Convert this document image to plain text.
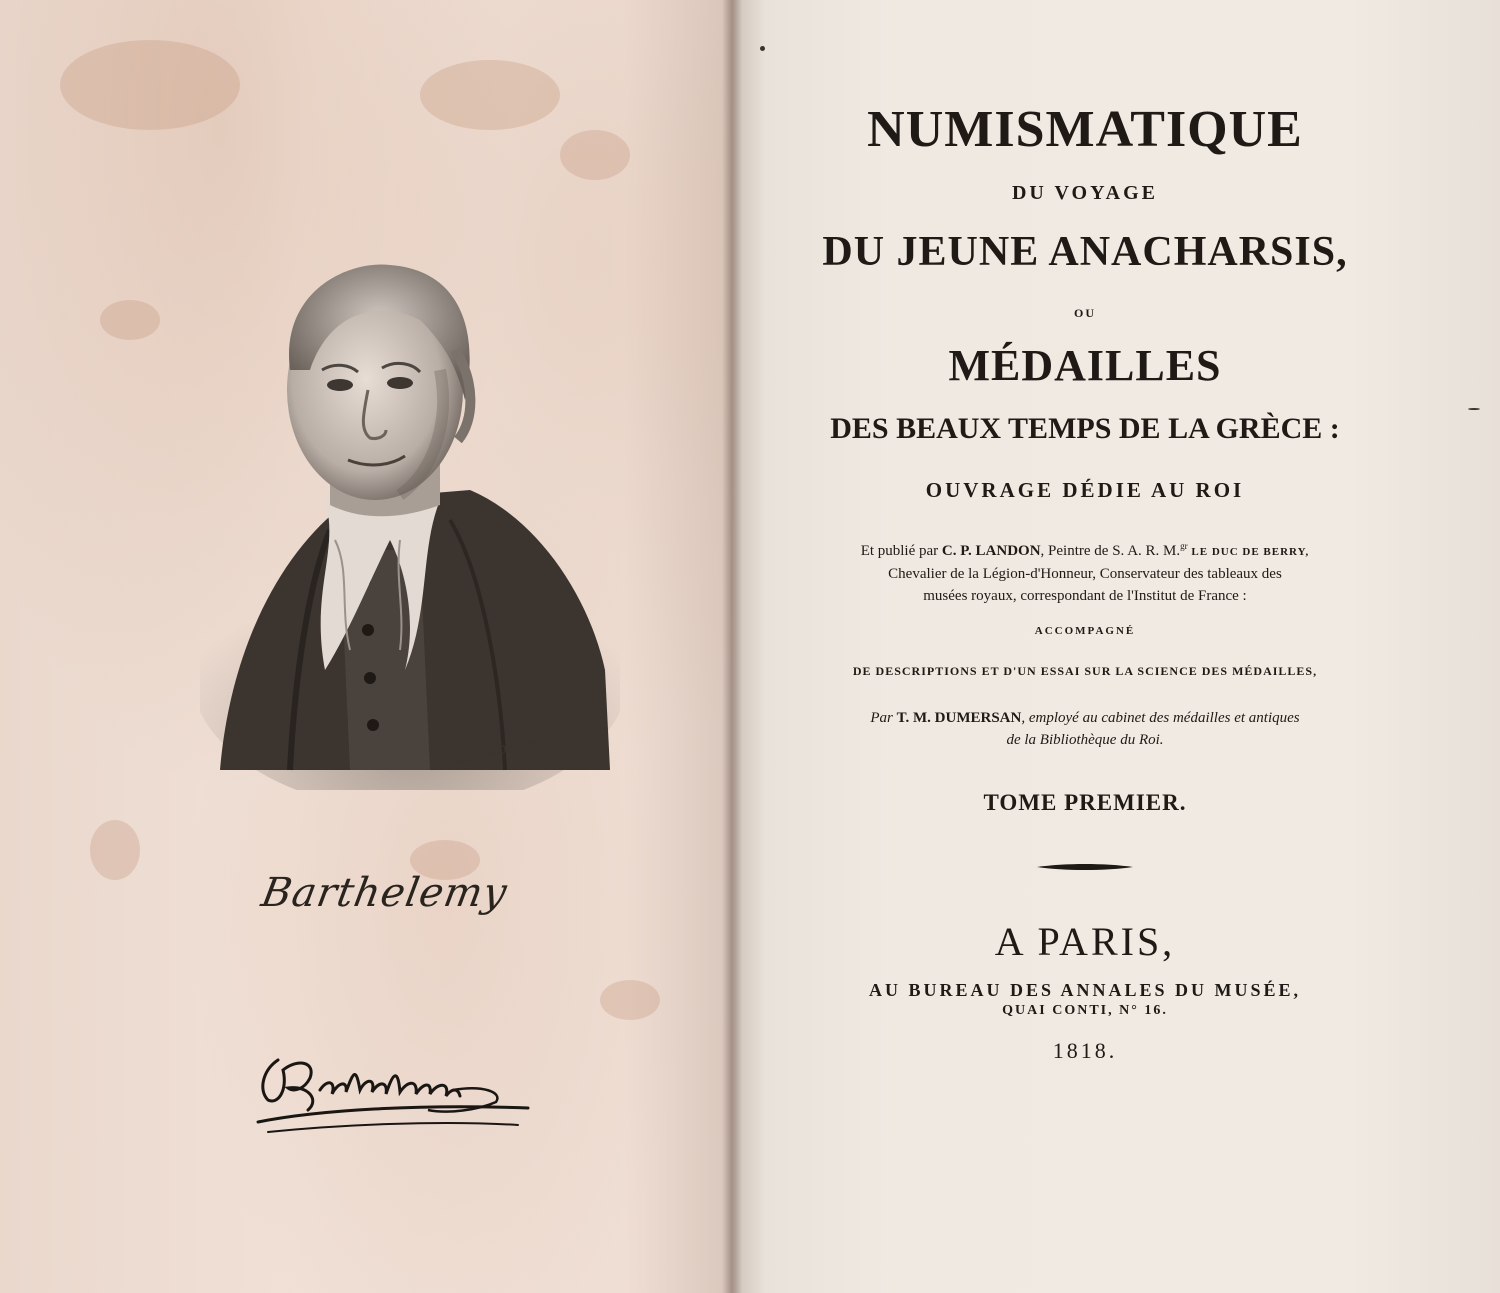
Lith. de Delpech.
Barthelemy
NUMISMATIQUE
DU VOYAGE
DU JEUNE ANACHARSIS,
OU
MÉDAILLES
DES BEAUX TEMPS DE LA GRÈCE :
OUVRAGE DÉDIE AU ROI
Et publié par C. P. LANDON, Peintre de S. A. R. M.$^{gr}$ LE DUC DE BERRY,
Chevalier de la Légion-d'Honneur, Conservateur des tableaux des
musées royaux, correspondant de l'Institut de France :
ACCOMPAGNÉ
DE DESCRIPTIONS ET D'UN ESSAI SUR LA SCIENCE DES MÉDAILLES,
Par T. M. DUMERSAN, employé au cabinet des médailles et antiques
de la Bibliothèque du Roi.
TOME PREMIER.
A PARIS,
AU BUREAU DES ANNALES DU MUSÉE,
QUAI CONTI, N° 16.
1818.
